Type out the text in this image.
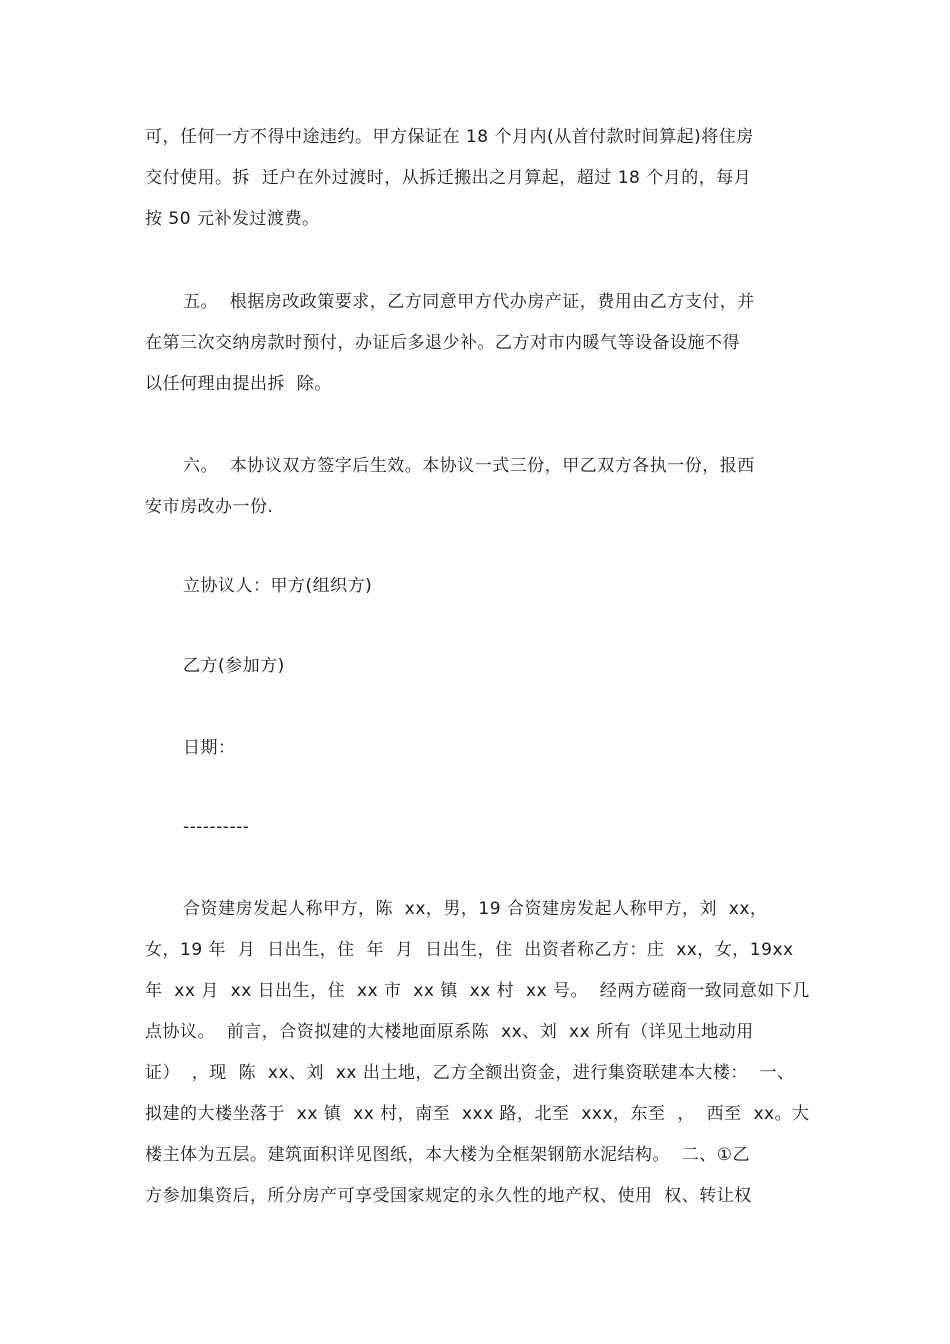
可，任何一方不得中途违约。甲方保证在 18 个月内(从首付款时间算起)将住房
交付使用。拆  迁户在外过渡时，从拆迁搬出之月算起，超过 18 个月的，每月
按 50 元补发过渡费。
五。  根据房改政策要求，乙方同意甲方代办房产证，费用由乙方支付，并
在第三次交纳房款时预付，办证后多退少补。乙方对市内暖气等设备设施不得
以任何理由提出拆  除。
六。  本协议双方签字后生效。本协议一式三份，甲乙双方各执一份，报西
安市房改办一份.
立协议人：甲方(组织方)
乙方(参加方)
日期：
----------
合资建房发起人称甲方，陈  xx，男，19 合资建房发起人称甲方，刘  xx，
女，19 年  月  日出生，住  年  月  日出生，住  出资者称乙方：庄  xx，女，19xx
年  xx 月  xx 日出生，住  xx 市  xx 镇  xx 村  xx 号。  经两方磋商一致同意如下几
点协议。  前言，合资拟建的大楼地面原系陈  xx、刘  xx 所有（详见土地动用
证）  ，现  陈  xx、刘  xx 出土地，乙方全额出资金，进行集资联建本大楼：  一、
拟建的大楼坐落于  xx 镇  xx 村，南至  xxx 路，北至  xxx，东至  ，  西至  xx。大
楼主体为五层。建筑面积详见图纸，本大楼为全框架钢筋水泥结构。  二、①乙
方参加集资后，所分房产可享受国家规定的永久性的地产权、使用  权、转让权
